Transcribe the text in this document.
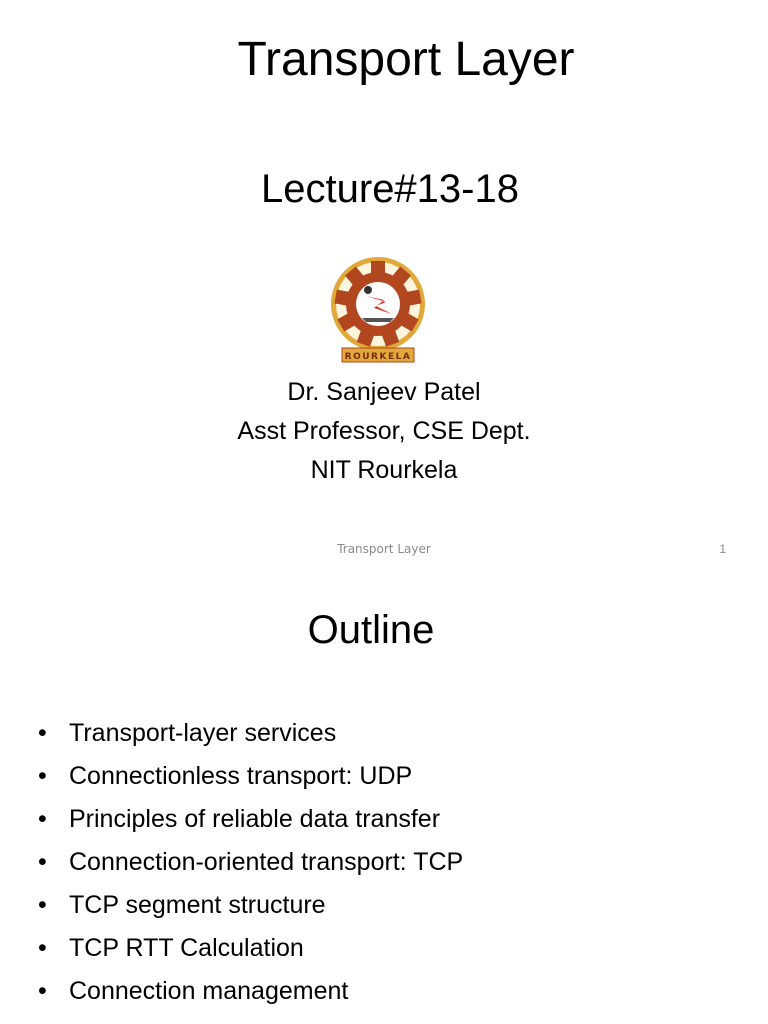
Transport Layer
Lecture#13-18
ROURKELA
Dr. Sanjeev Patel
Asst Professor, CSE Dept.
NIT Rourkela
Transport Layer	1
Outline
• Transport-layer services
• Connectionless transport: UDP
• Principles of reliable data transfer
• Connection-oriented transport: TCP
• TCP segment structure
• TCP RTT Calculation
• Connection management
